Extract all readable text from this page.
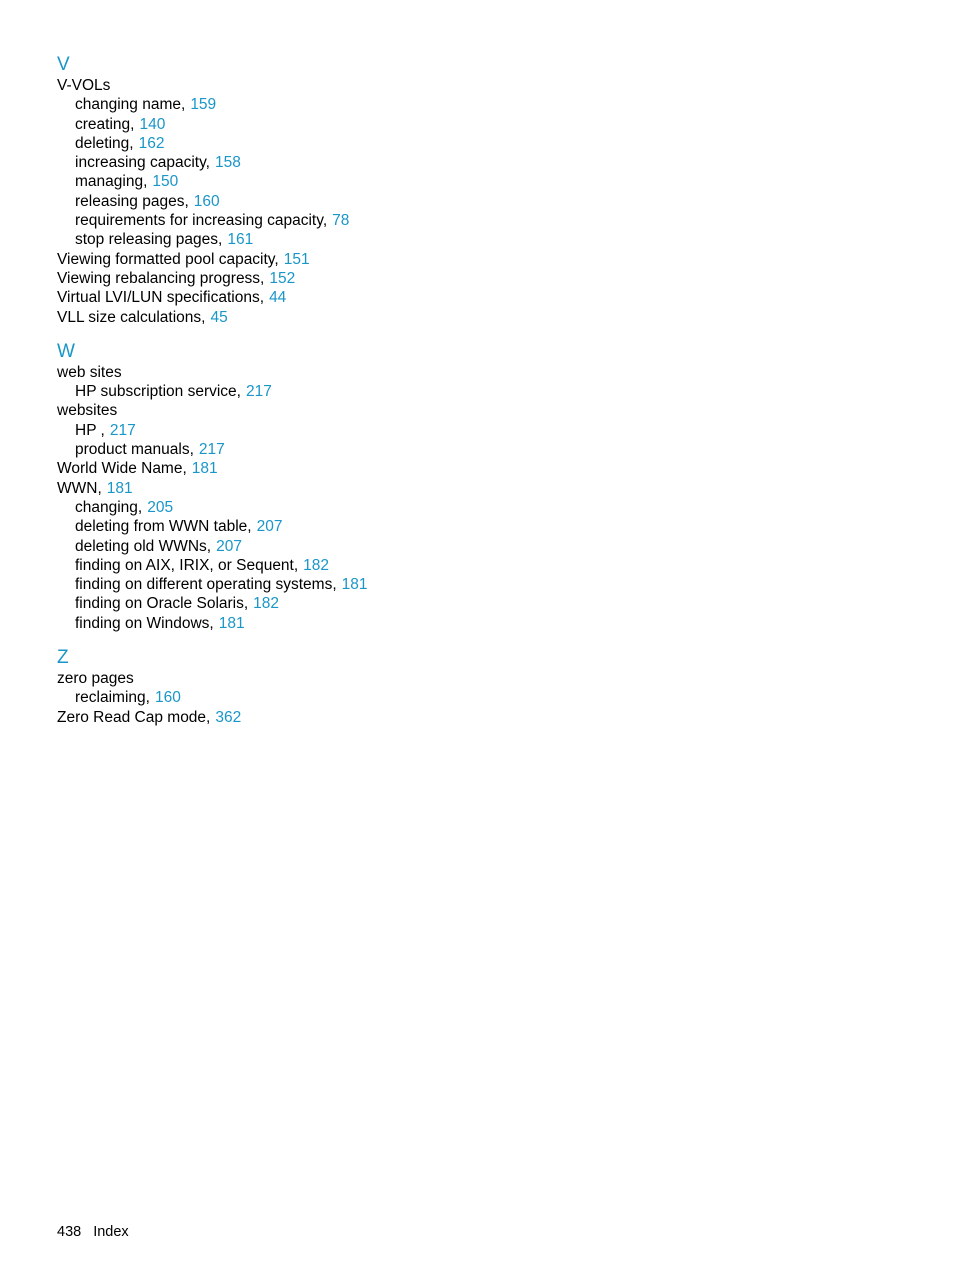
V
V-VOLs
changing name, 159
creating, 140
deleting, 162
increasing capacity, 158
managing, 150
releasing pages, 160
requirements for increasing capacity, 78
stop releasing pages, 161
Viewing formatted pool capacity, 151
Viewing rebalancing progress, 152
Virtual LVI/LUN specifications, 44
VLL size calculations, 45
W
web sites
HP subscription service, 217
websites
HP , 217
product manuals, 217
World Wide Name, 181
WWN, 181
changing, 205
deleting from WWN table, 207
deleting old WWNs, 207
finding on AIX, IRIX, or Sequent, 182
finding on different operating systems, 181
finding on Oracle Solaris, 182
finding on Windows, 181
Z
zero pages
reclaiming, 160
Zero Read Cap mode, 362
438 Index
